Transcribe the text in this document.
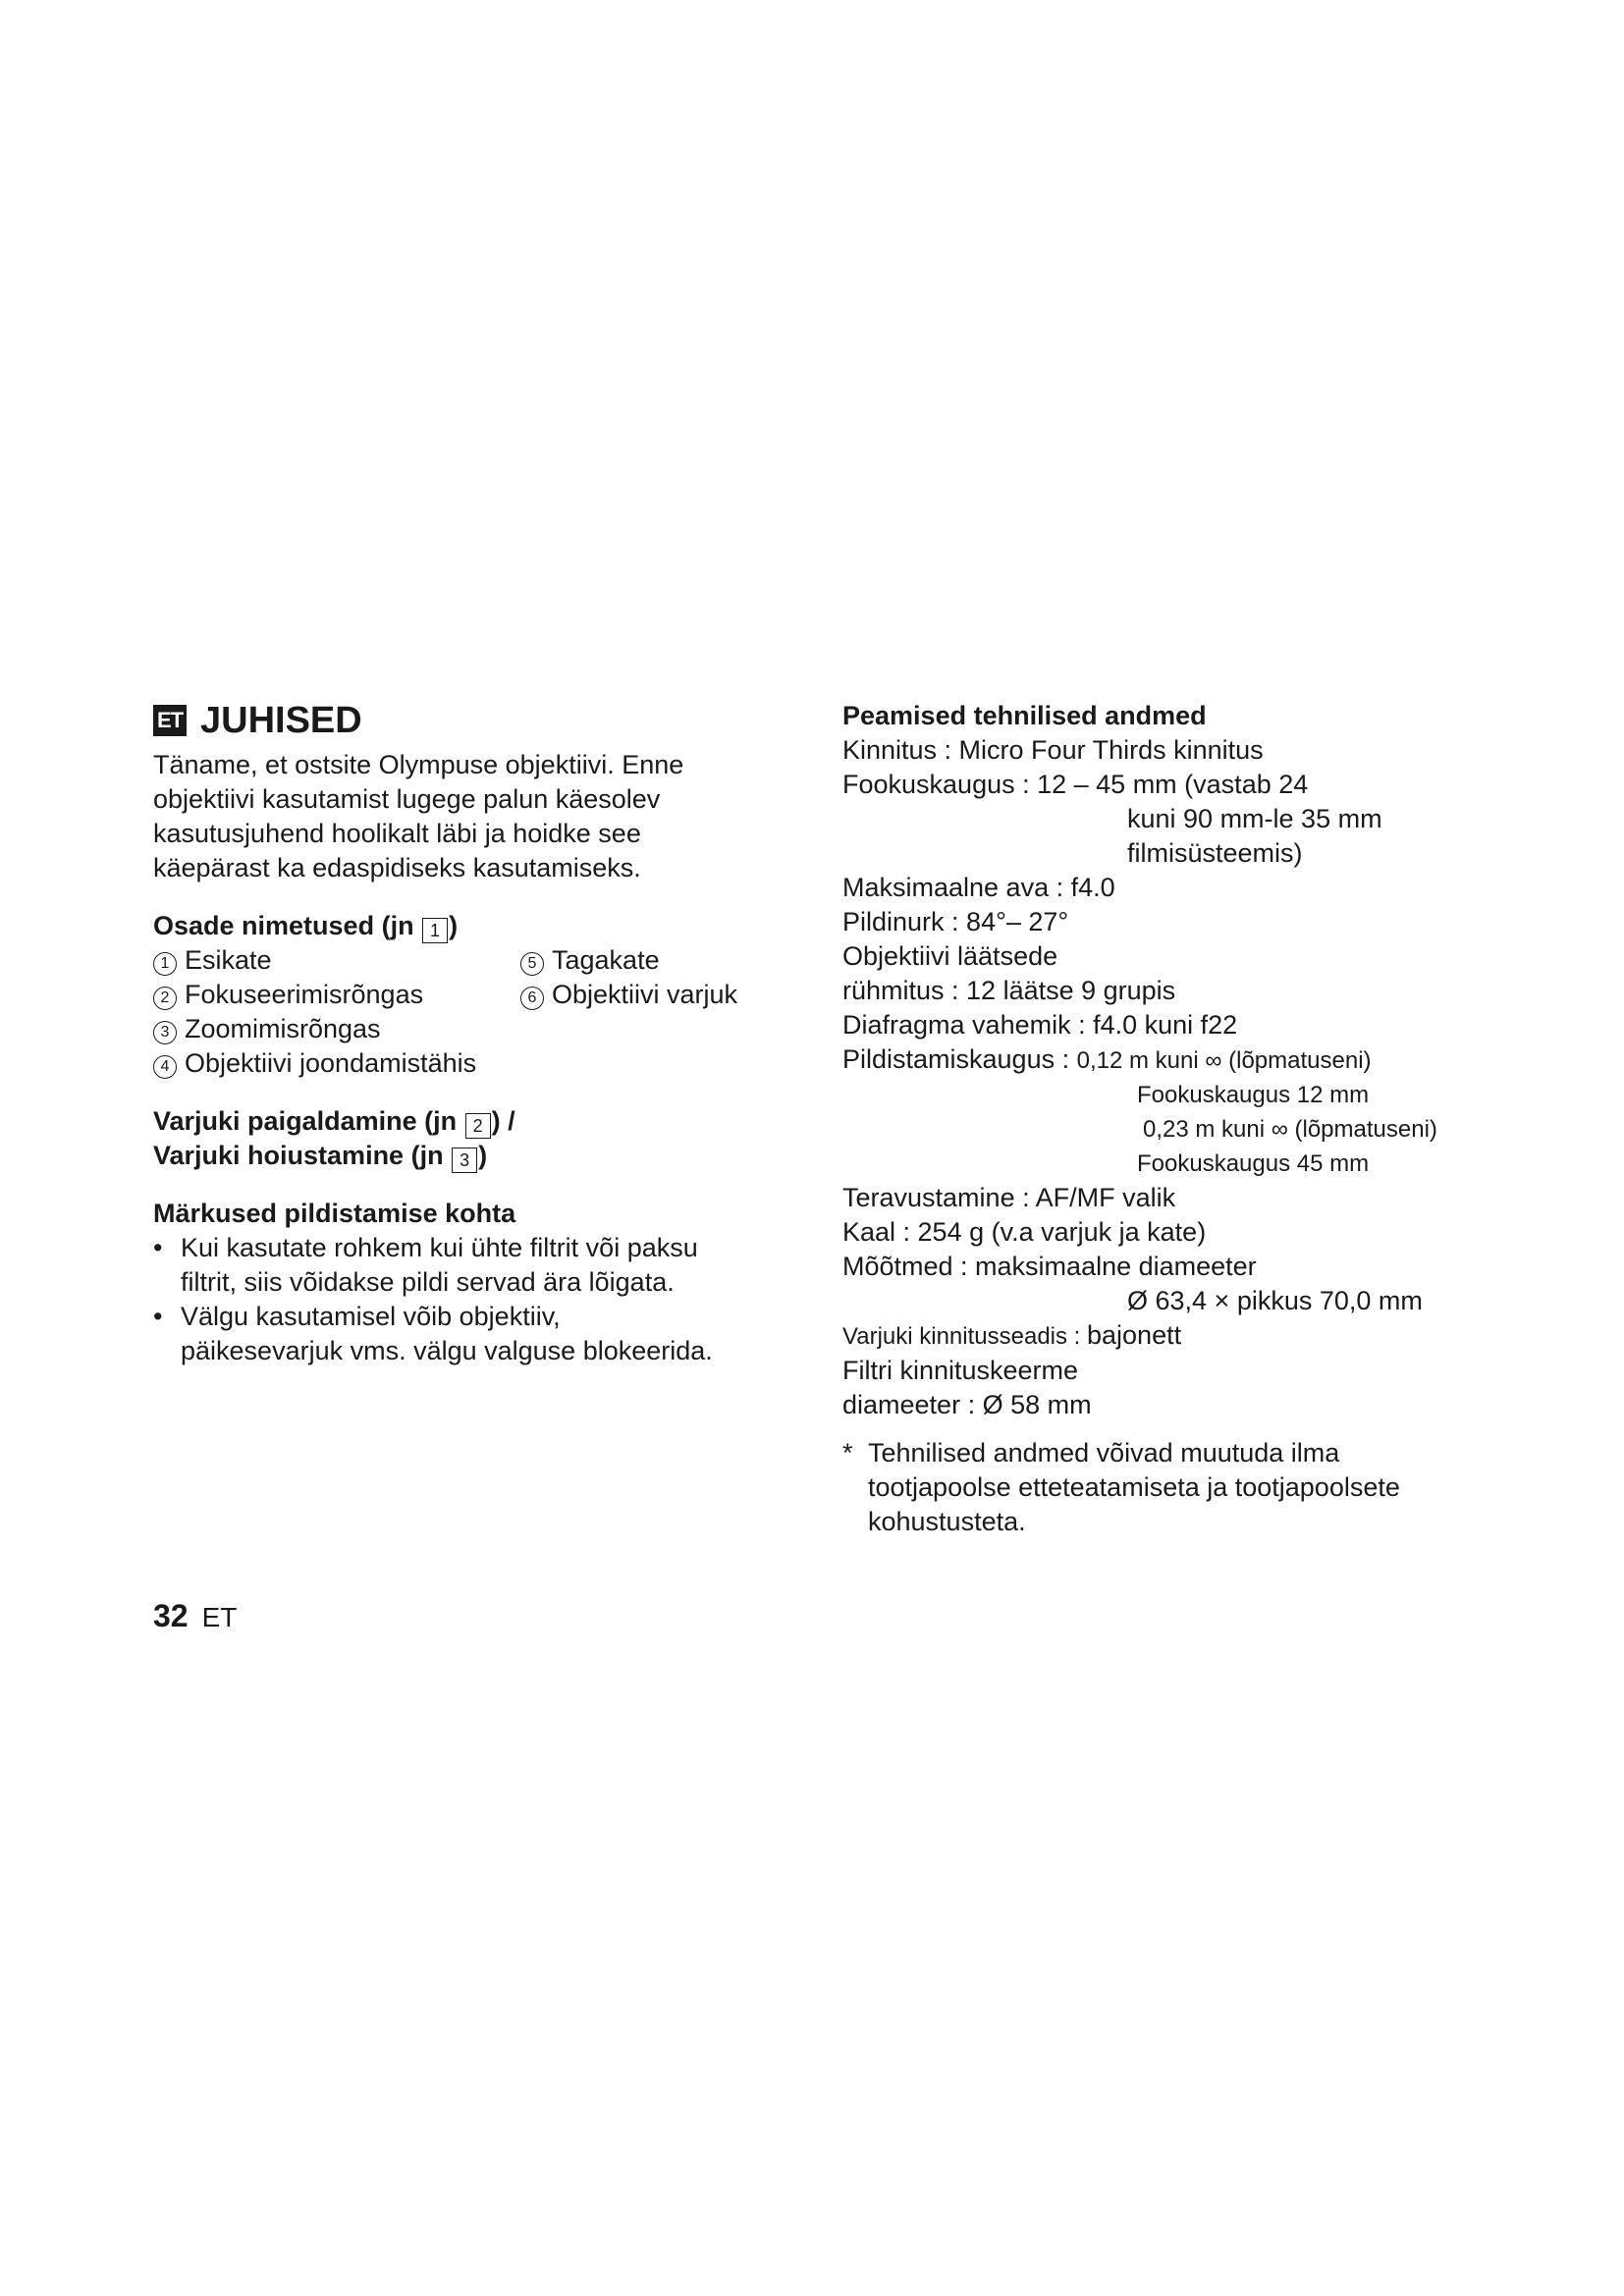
ET JUHISED
Täname, et ostsite Olympuse objektiivi. Enne
objektiivi kasutamist lugege palun käesolev
kasutusjuhend hoolikalt läbi ja hoidke see
käepärast ka edaspidiseks kasutamiseks.
Osade nimetused (jn 1 )
1 Esikate
2 Fokuseerimisrõngas
3 Zoomimisrõngas
4 Objektiivi joondamistähis
5 Tagakate
6 Objektiivi varjuk
Varjuki paigaldamine (jn 2 ) /
Varjuki hoiustamine (jn 3 )
Märkused pildistamise kohta
• Kui kasutate rohkem kui ühte filtrit või paksu
filtrit, siis võidakse pildi servad ära lõigata.
• Välgu kasutamisel võib objektiiv,
päikesevarjuk vms. välgu valguse blokeerida.
Peamised tehnilised andmed
Kinnitus : Micro Four Thirds kinnitus
Fookuskaugus : 12 – 45 mm (vastab 24
kuni 90 mm-le 35 mm
filmisüsteemis)
Maksimaalne ava : f4.0
Pildinurk : 84°– 27°
Objektiivi läätsede
rühmitus : 12 läätse 9 grupis
Diafragma vahemik : f4.0 kuni f22
Pildistamiskaugus : 0,12 m kuni ∞ (lõpmatuseni)
Fookuskaugus 12 mm
0,23 m kuni ∞ (lõpmatuseni)
Fookuskaugus 45 mm
Teravustamine : AF/MF valik
Kaal : 254 g (v.a varjuk ja kate)
Mõõtmed : maksimaalne diameeter
Ø 63,4 × pikkus 70,0 mm
Varjuki kinnitusseadis : bajonett
Filtri kinnituskeerme
diameeter : Ø 58 mm
* Tehnilised andmed võivad muutuda ilma
tootjapoolse etteteatamiseta ja tootjapoolsete
kohustusteta.
32 ET
